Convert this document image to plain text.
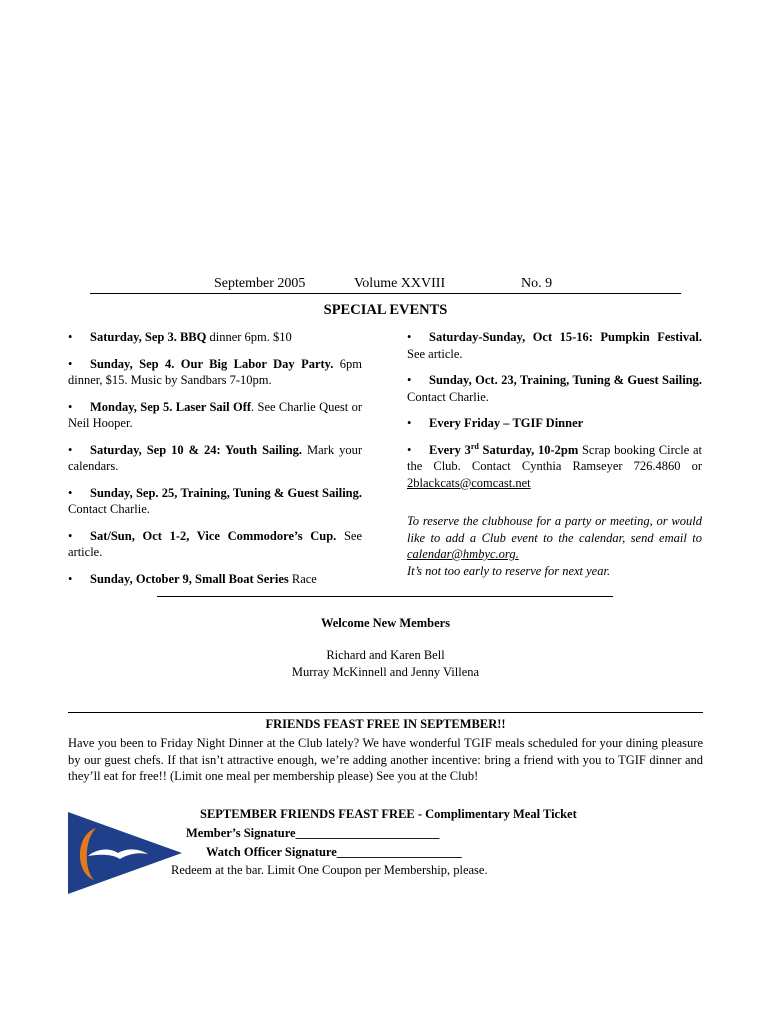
September 2005	Volume XXVIII	No. 9
SPECIAL EVENTS
• Saturday, Sep 3. BBQ dinner 6pm. $10
• Sunday, Sep 4. Our Big Labor Day Party. 6pm dinner, $15. Music by Sandbars 7-10pm.
• Monday, Sep 5. Laser Sail Off. See Charlie Quest or Neil Hooper.
• Saturday, Sep 10 & 24: Youth Sailing. Mark your calendars.
• Sunday, Sep. 25, Training, Tuning & Guest Sailing. Contact Charlie.
• Sat/Sun, Oct 1-2, Vice Commodore’s Cup. See article.
• Sunday, October 9, Small Boat Series Race
• Saturday-Sunday, Oct 15-16: Pumpkin Festival. See article.
• Sunday, Oct. 23, Training, Tuning & Guest Sailing. Contact Charlie.
• Every Friday – TGIF Dinner
• Every 3rd Saturday, 10-2pm Scrap booking Circle at the Club. Contact Cynthia Ramseyer 726.4860 or 2blackcats@comcast.net
To reserve the clubhouse for a party or meeting, or would like to add a Club event to the calendar, send email to calendar@hmbyc.org.
It’s not too early to reserve for next year.
Welcome New Members
Richard and Karen Bell
Murray McKinnell and Jenny Villena
FRIENDS FEAST FREE IN SEPTEMBER!!
Have you been to Friday Night Dinner at the Club lately? We have wonderful TGIF meals scheduled for your dining pleasure by our guest chefs. If that isn’t attractive enough, we’re adding another incentive: bring a friend with you to TGIF dinner and they’ll eat for free!! (Limit one meal per membership please) See you at the Club!
SEPTEMBER FRIENDS FEAST FREE - Complimentary Meal Ticket
Member’s Signature_______________________
Watch Officer Signature____________________
Redeem at the bar. Limit One Coupon per Membership, please.
